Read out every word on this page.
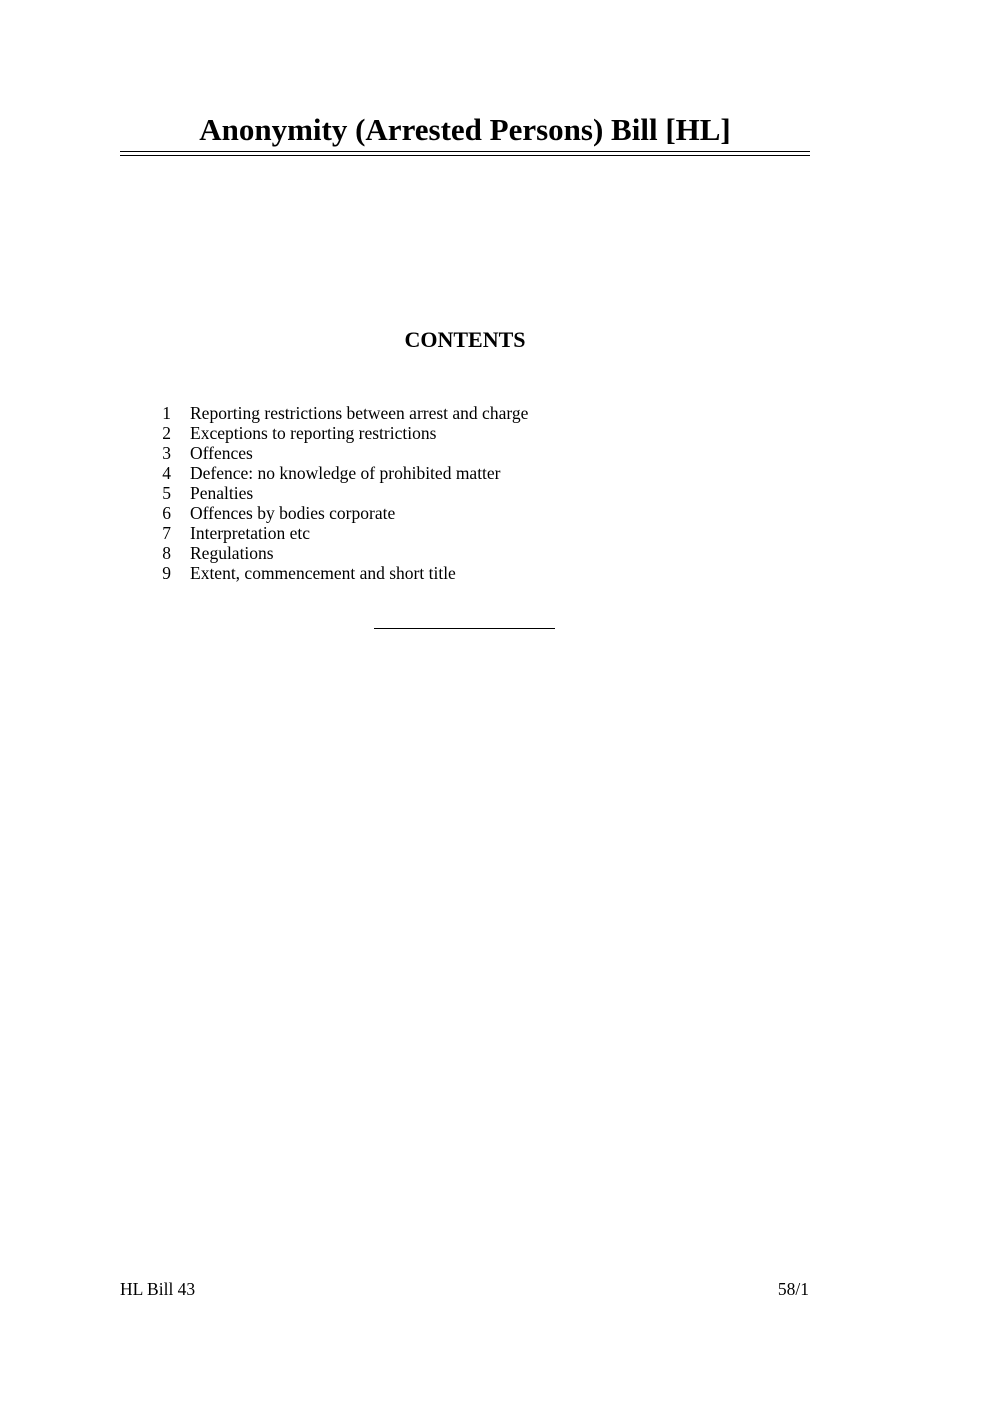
Anonymity (Arrested Persons) Bill [HL]
CONTENTS
1 Reporting restrictions between arrest and charge
2 Exceptions to reporting restrictions
3 Offences
4 Defence: no knowledge of prohibited matter
5 Penalties
6 Offences by bodies corporate
7 Interpretation etc
8 Regulations
9 Extent, commencement and short title
HL Bill 43	58/1
